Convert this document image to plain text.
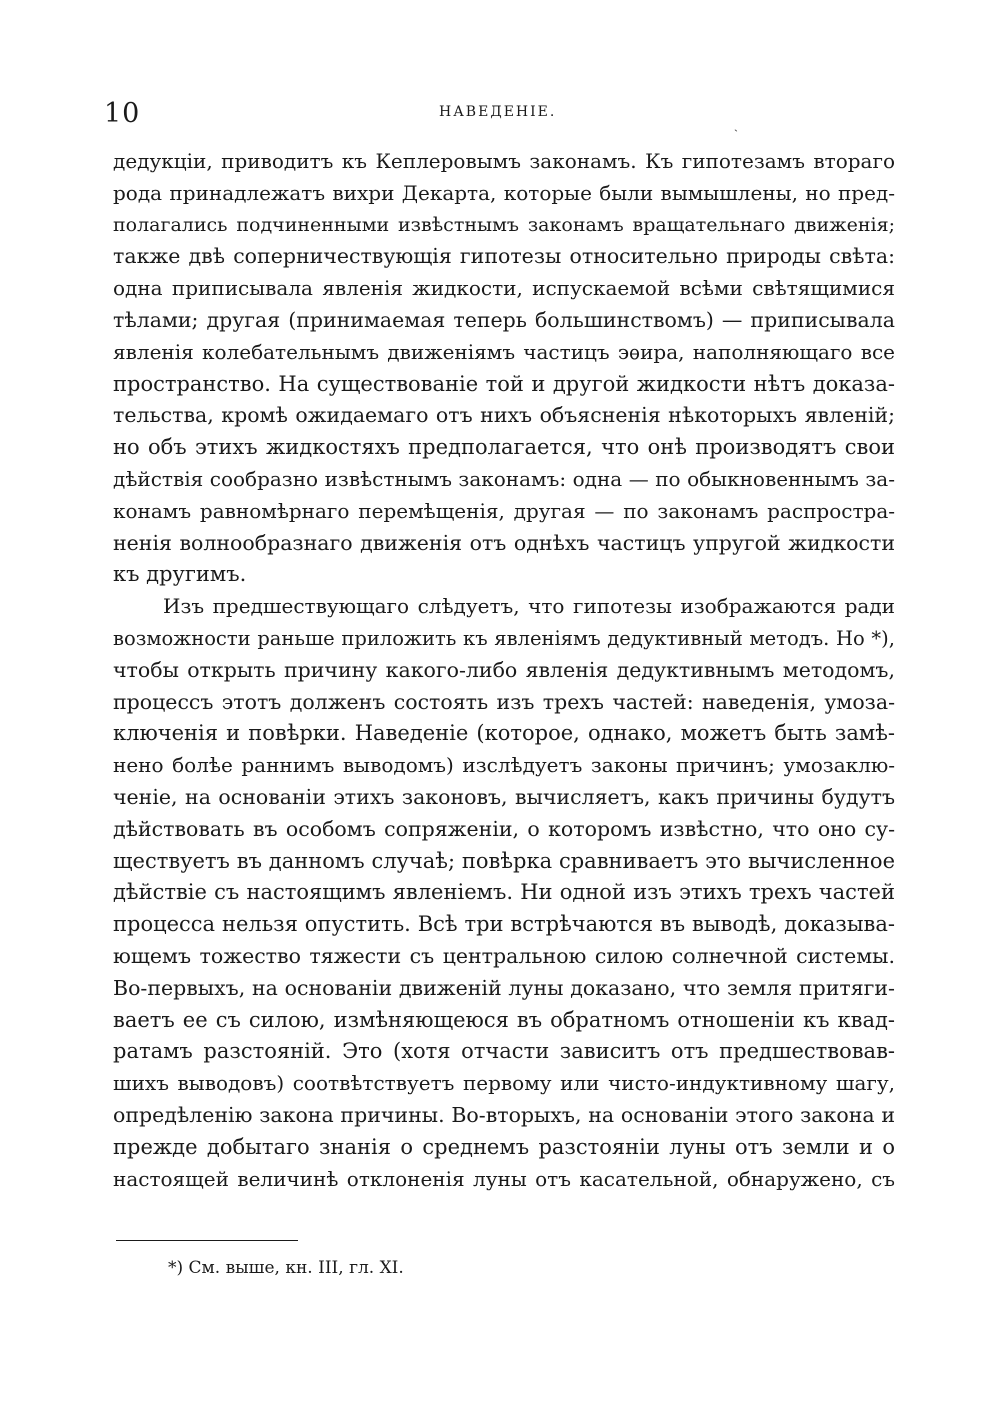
10	НАВЕДЕНІЕ.
ˏ
дедукціи, приводитъ къ Кеплеровымъ законамъ. Къ гипотезамъ втораго
рода принадлежатъ вихри Декарта, которые были вымышлены, но пред-
полагались подчиненными извѣстнымъ законамъ вращательнаго движенія;
также двѣ соперничествующія гипотезы относительно природы свѣта:
одна приписывала явленія жидкости, испускаемой всѣми свѣтящимися
тѣлами; другая (принимаемая теперь большинствомъ) — приписывала
явленія колебательнымъ движеніямъ частицъ эѳира, наполняющаго все
пространство. На существованіе той и другой жидкости нѣтъ доказа-
тельства, кромѣ ожидаемаго отъ нихъ объясненія нѣкоторыхъ явленій;
но объ этихъ жидкостяхъ предполагается, что онѣ производятъ свои
дѣйствія сообразно извѣстнымъ законамъ: одна — по обыкновеннымъ за-
конамъ равномѣрнаго перемѣщенія, другая — по законамъ распростра-
ненія волнообразнаго движенія отъ однѣхъ частицъ упругой жидкости
къ другимъ.
Изъ предшествующаго слѣдуетъ, что гипотезы изображаются ради
возможности раньше приложить къ явленіямъ дедуктивный методъ. Но *),
чтобы открыть причину какого-либо явленія дедуктивнымъ методомъ,
процессъ этотъ долженъ состоять изъ трехъ частей: наведенія, умоза-
ключенія и повѣрки. Наведеніе (которое, однако, можетъ быть замѣ-
нено болѣе раннимъ выводомъ) изслѣдуетъ законы причинъ; умозаклю-
ченіе, на основаніи этихъ законовъ, вычисляетъ, какъ причины будутъ
дѣйствовать въ особомъ сопряженіи, о которомъ извѣстно, что оно су-
ществуетъ въ данномъ случаѣ; повѣрка сравниваетъ это вычисленное
дѣйствіе съ настоящимъ явленіемъ. Ни одной изъ этихъ трехъ частей
процесса нельзя опустить. Всѣ три встрѣчаются въ выводѣ, доказыва-
ющемъ тожество тяжести съ центральною силою солнечной системы.
Во-первыхъ, на основаніи движеній луны доказано, что земля притяги-
ваетъ ее съ силою, измѣняющеюся въ обратномъ отношеніи къ квад-
ратамъ разстояній. Это (хотя отчасти зависитъ отъ предшествовав-
шихъ выводовъ) соотвѣтствуетъ первому или чисто-индуктивному шагу,
опредѣленію закона причины. Во-вторыхъ, на основаніи этого закона и
прежде добытаго знанія о среднемъ разстояніи луны отъ земли и о
настоящей величинѣ отклоненія луны отъ касательной, обнаружено, съ
*) См. выше, кн. III, гл. XI.
